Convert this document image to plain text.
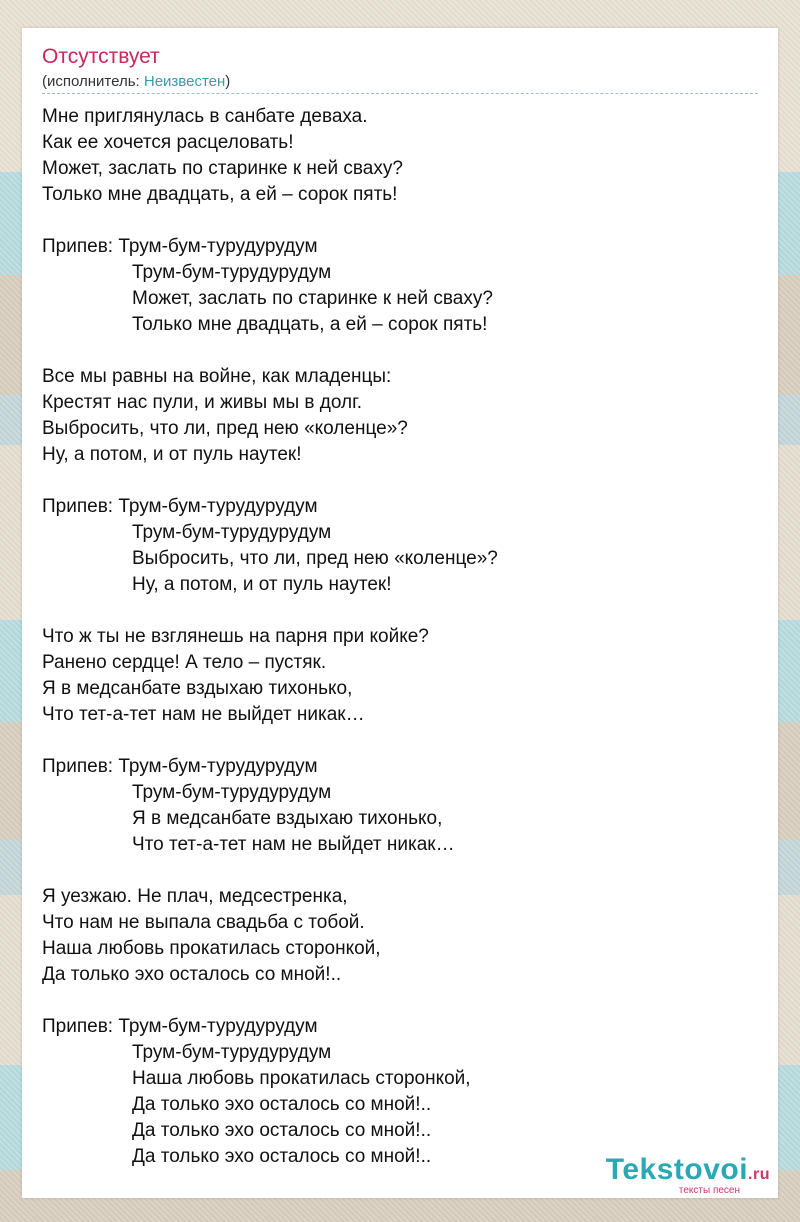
Отсутствует
(исполнитель: Неизвестен)
Мне приглянулась в санбате деваха.
Как ее хочется расцеловать!
Может, заслать по старинке к ней сваху?
Только мне двадцать, а ей – сорок пять!
Припев: Трум-бум-турудурудум
Трум-бум-турудурудум
Может, заслать по старинке к ней сваху?
Только мне двадцать, а ей – сорок пять!
Все мы равны на войне, как младенцы:
Крестят нас пули, и живы мы в долг.
Выбросить, что ли, пред нею «коленце»?
Ну, а потом, и от пуль наутек!
Припев: Трум-бум-турудурудум
Трум-бум-турудурудум
Выбросить, что ли, пред нею «коленце»?
Ну, а потом, и от пуль наутек!
Что ж ты не взглянешь на парня при койке?
Ранено сердце! А тело – пустяк.
Я в медсанбате вздыхаю тихонько,
Что тет-а-тет нам не выйдет никак…
Припев: Трум-бум-турудурудум
Трум-бум-турудурудум
Я в медсанбате вздыхаю тихонько,
Что тет-а-тет нам не выйдет никак…
Я уезжаю. Не плач, медсестренка,
Что нам не выпала свадьба с тобой.
Наша любовь прокатилась сторонкой,
Да только эхо осталось со мной!..
Припев: Трум-бум-турудурудум
Трум-бум-турудурудум
Наша любовь прокатилась сторонкой,
Да только эхо осталось со мной!..
Да только эхо осталось со мной!..
Да только эхо осталось со мной!..	Tekstovoi.ru
тексты песен
